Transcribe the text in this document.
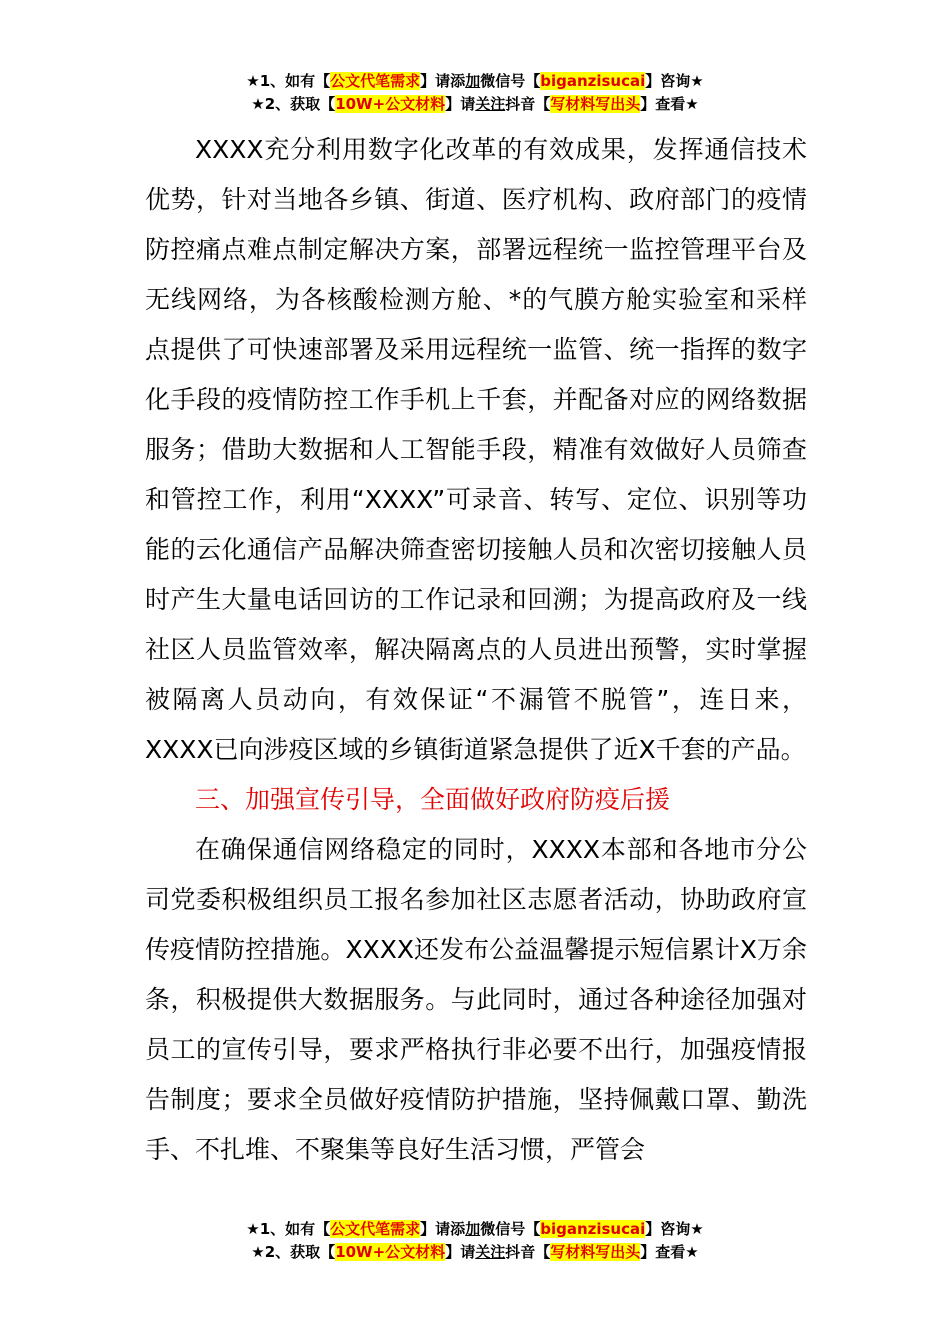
★1、如有【公文代笔需求】请添加微信号【biganzisucai】咨询★
★2、获取【10W+公文材料】请关注抖音【写材料写出头】查看★

XXXX充分利用数字化改革的有效成果，发挥通信技术优势，针对当地各乡镇、街道、医疗机构、政府部门的疫情防控痛点难点制定解决方案，部署远程统一监控管理平台及无线网络，为各核酸检测方舱、*的气膜方舱实验室和采样点提供了可快速部署及采用远程统一监管、统一指挥的数字化手段的疫情防控工作手机上千套，并配备对应的网络数据服务；借助大数据和人工智能手段，精准有效做好人员筛查和管控工作，利用“XXXX”可录音、转写、定位、识别等功能的云化通信产品解决筛查密切接触人员和次密切接触人员时产生大量电话回访的工作记录和回溯；为提高政府及一线社区人员监管效率，解决隔离点的人员进出预警，实时掌握被隔离人员动向，有效保证“不漏管不脱管”，连日来，XXXX已向涉疫区域的乡镇街道紧急提供了近X千套的产品。

三、加强宣传引导，全面做好政府防疫后援

在确保通信网络稳定的同时，XXXX本部和各地市分公司党委积极组织员工报名参加社区志愿者活动，协助政府宣传疫情防控措施。XXXX还发布公益温馨提示短信累计X万余条，积极提供大数据服务。与此同时，通过各种途径加强对员工的宣传引导，要求严格执行非必要不出行，加强疫情报告制度；要求全员做好疫情防护措施，坚持佩戴口罩、勤洗手、不扎堆、不聚集等良好生活习惯，严管会

★1、如有【公文代笔需求】请添加微信号【biganzisucai】咨询★
★2、获取【10W+公文材料】请关注抖音【写材料写出头】查看★
